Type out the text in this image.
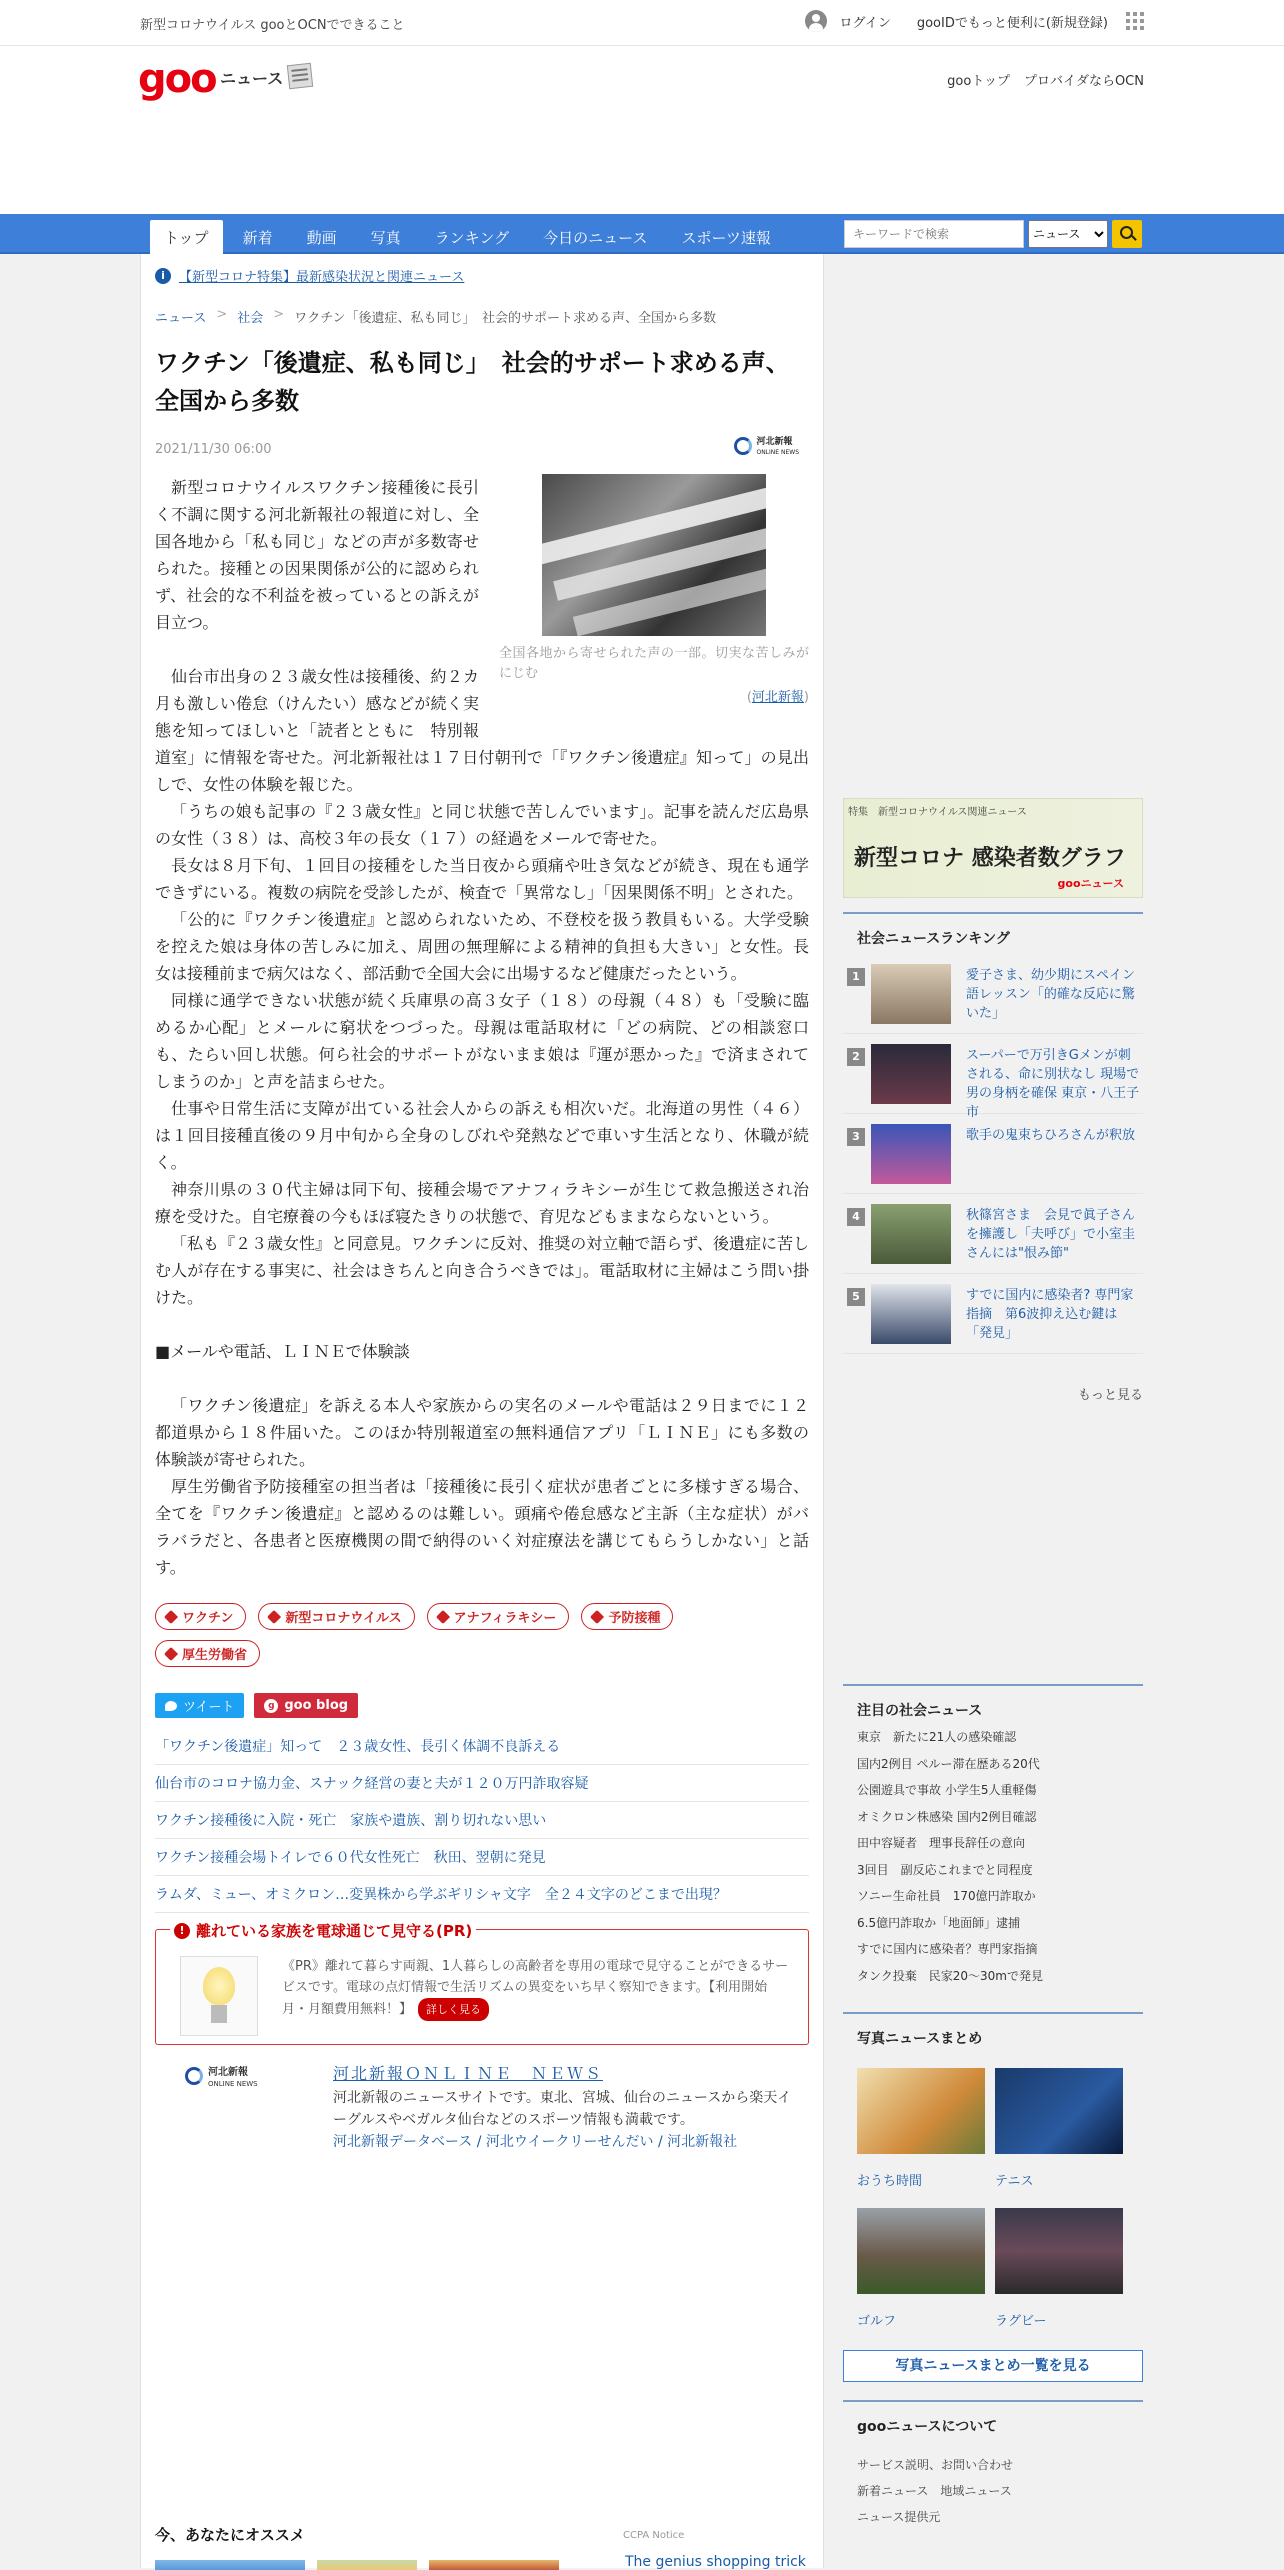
新型コロナウイルス gooとOCNでできること	ログイン gooIDでもっと便利に(新規登録)
goo ニュース	gooトップ プロバイダならOCN
トップ	新着	動画	写真	ランキング	今日のニュース	スポーツ速報
キーワードで検索
ニュース
i	【新型コロナ特集】最新感染状況と関連ニュース
ニュース > 社会 > ワクチン「後遺症、私も同じ」　社会的サポート求める声、全国から多数
ワクチン「後遺症、私も同じ」　社会的サポート求める声、全国から多数
2021/11/30 06:00	河北新報
ONLINE NEWS
全国各地から寄せられた声の一部。切実な苦しみがにじむ
(河北新報)

新型コロナウイルスワクチン接種後に長引く不調に関する河北新報社の報道に対し、全国各地から「私も同じ」などの声が多数寄せられた。接種との因果関係が公的に認められず、社会的な不利益を被っているとの訴えが目立つ。

仙台市出身の２３歳女性は接種後、約２カ月も激しい倦怠（けんたい）感などが続く実態を知ってほしいと「読者とともに　特別報道室」に情報を寄せた。河北新報社は１７日付朝刊で「『ワクチン後遺症』知って」の見出しで、女性の体験を報じた。

「うちの娘も記事の『２３歳女性』と同じ状態で苦しんでいます」。記事を読んだ広島県の女性（３８）は、高校３年の長女（１７）の経過をメールで寄せた。

長女は８月下旬、１回目の接種をした当日夜から頭痛や吐き気などが続き、現在も通学できずにいる。複数の病院を受診したが、検査で「異常なし」「因果関係不明」とされた。

「公的に『ワクチン後遺症』と認められないため、不登校を扱う教員もいる。大学受験を控えた娘は身体の苦しみに加え、周囲の無理解による精神的負担も大きい」と女性。長女は接種前まで病欠はなく、部活動で全国大会に出場するなど健康だったという。

同様に通学できない状態が続く兵庫県の高３女子（１８）の母親（４８）も「受験に臨めるか心配」とメールに窮状をつづった。母親は電話取材に「どの病院、どの相談窓口も、たらい回し状態。何ら社会的サポートがないまま娘は『運が悪かった』で済まされてしまうのか」と声を詰まらせた。

仕事や日常生活に支障が出ている社会人からの訴えも相次いだ。北海道の男性（４６）は１回目接種直後の９月中旬から全身のしびれや発熱などで車いす生活となり、休職が続く。

神奈川県の３０代主婦は同下旬、接種会場でアナフィラキシーが生じて救急搬送され治療を受けた。自宅療養の今もほぼ寝たきりの状態で、育児などもままならないという。

「私も『２３歳女性』と同意見。ワクチンに反対、推奨の対立軸で語らず、後遺症に苦しむ人が存在する事実に、社会はきちんと向き合うべきでは」。電話取材に主婦はこう問い掛けた。

■メールや電話、ＬＩＮＥで体験談

「ワクチン後遺症」を訴える本人や家族からの実名のメールや電話は２９日までに１２都道県から１８件届いた。このほか特別報道室の無料通信アプリ「ＬＩＮＥ」にも多数の体験談が寄せられた。

厚生労働省予防接種室の担当者は「接種後に長引く症状が患者ごとに多様すぎる場合、全てを『ワクチン後遺症』と認めるのは難しい。頭痛や倦怠感など主訴（主な症状）がバラバラだと、各患者と医療機関の間で納得のいく対症療法を講じてもらうしかない」と話す。

ワクチン	新型コロナウイルス	アナフィラキシー	予防接種
厚生労働省
ツイート	g goo blog
「ワクチン後遺症」知って　２３歳女性、長引く体調不良訴える
仙台市のコロナ協力金、スナック経営の妻と夫が１２０万円詐取容疑
ワクチン接種後に入院・死亡　家族や遺族、割り切れない思い
ワクチン接種会場トイレで６０代女性死亡　秋田、翌朝に発見
ラムダ、ミュー、オミクロン…変異株から学ぶギリシャ文字　全２４文字のどこまで出現？
! 離れている家族を電球通じて見守る(PR)
《PR》離れて暮らす両親、1人暮らしの高齢者を専用の電球で見守ることができるサービスです。電球の点灯情報で生活リズムの異変をいち早く察知できます。【利用開始月・月額費用無料！】 詳しく見る
河北新報
ONLINE NEWS
河北新報ＯＮＬＩＮＥ　ＮＥＷＳ
河北新報のニュースサイトです。東北、宮城、仙台のニュースから楽天イーグルスやベガルタ仙台などのスポーツ情報も満載です。
河北新報データベース / 河北ウイークリーせんだい / 河北新報社
今、あなたにオススメ	CCPA Notice
The genius shopping trick
特集　新型コロナウイルス関連ニュース
新型コロナ 感染者数グラフ
gooニュース
社会ニュースランキング
1	愛子さま、幼少期にスペイン語レッスン「的確な反応に驚いた」
2	スーパーで万引きGメンが刺される、命に別状なし 現場で男の身柄を確保 東京・八王子市
3	歌手の鬼束ちひろさんが釈放
4	秋篠宮さま　会見で眞子さんを擁護し「夫呼び」で小室圭さんには"恨み節"
5	すでに国内に感染者? 専門家指摘　第6波抑え込む鍵は「発見」
もっと見る
注目の社会ニュース
東京　新たに21人の感染確認
国内2例目 ペルー滞在歴ある20代
公園遊具で事故 小学生5人重軽傷
オミクロン株感染 国内2例目確認
田中容疑者　理事長辞任の意向
3回目　副反応これまでと同程度
ソニー生命社員　170億円詐取か
6.5億円詐取か「地面師」逮捕
すでに国内に感染者？専門家指摘
タンク投棄　民家20～30mで発見
写真ニュースまとめ
おうち時間	テニス
ゴルフ	ラグビー
写真ニュースまとめ一覧を見る
gooニュースについて
サービス説明、お問い合わせ
新着ニュース　地域ニュース
ニュース提供元
